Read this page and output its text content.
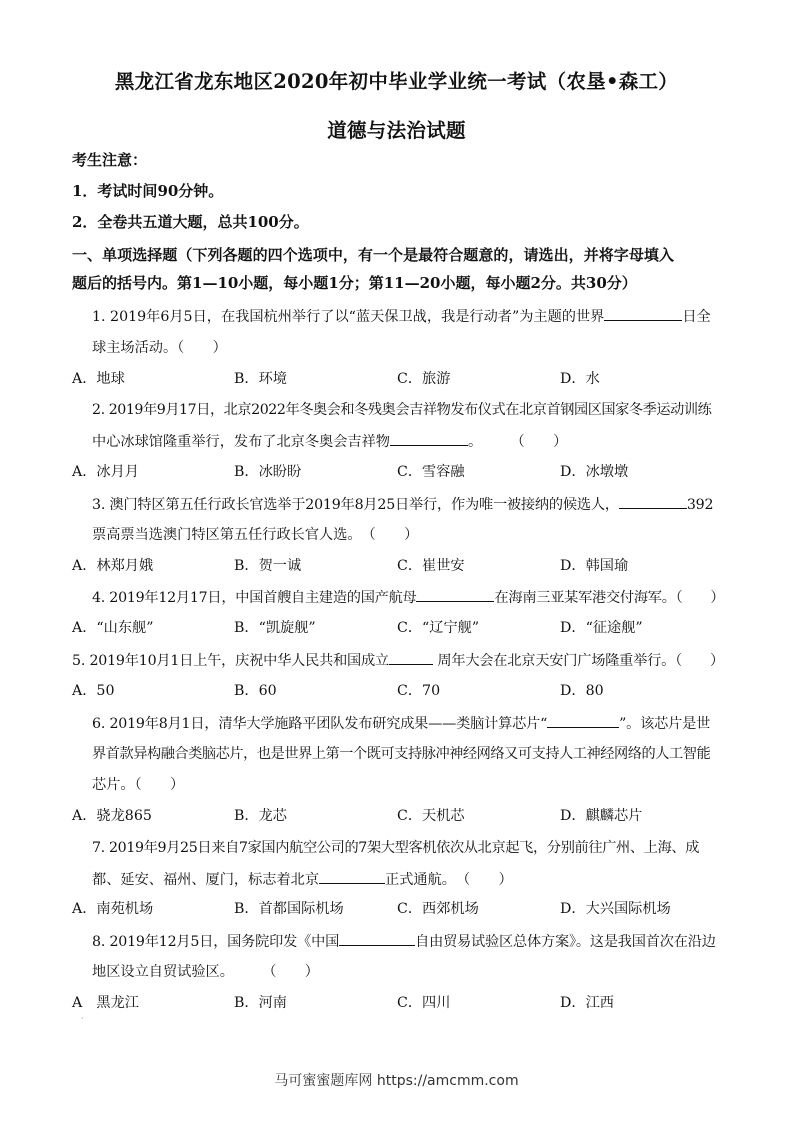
黑龙江省龙东地区2020年初中毕业学业统一考试（农垦•森工）
道德与法治试题
考生注意：
1．考试时间90分钟。
2．全卷共五道大题，总共100分。
一、单项选择题（下列各题的四个选项中，有一个是最符合题意的，请选出，并将字母填入
题后的括号内。第1—10小题，每小题1分；第11—20小题，每小题2分。共30分）
1. 2019年6月5日，在我国杭州举行了以“蓝天保卫战，我是行动者”为主题的世界	日全
球主场活动。（　　）
A．地球	B．环境	C．旅游	D．水
2. 2019年9月17日，北京2022年冬奥会和冬残奥会吉祥物发布仪式在北京首钢园区国家冬季运动训练
中心冰球馆隆重举行，发布了北京冬奥会吉祥物	。　　　（　　）
A．冰月月	B．冰盼盼	C．雪容融	D．冰墩墩
3. 澳门特区第五任行政长官选举于2019年8月25日举行，作为唯一被接纳的候选人，	392
票高票当选澳门特区第五任行政长官人选。　（　　）
A．林郑月娥	B．贺一诚	C．崔世安	D．韩国瑜
4. 2019年12月17日，中国首艘自主建造的国产航母	在海南三亚某军港交付海军。（　　）
A．“山东舰”	B．“凯旋舰”	C．“辽宁舰”	D．“征途舰”
5. 2019年10月1日上午，庆祝中华人民共和国成立	周年大会在北京天安门广场隆重举行。（　　）
A．50	B．60	C．70	D．80
6. 2019年8月1日，清华大学施路平团队发布研究成果——类脑计算芯片“	”。该芯片是世
界首款异构融合类脑芯片，也是世界上第一个既可支持脉冲神经网络又可支持人工神经网络的人工智能
芯片。（　　）
A．骁龙865	B．龙芯	C．天机芯	D．麒麟芯片
7. 2019年9月25日来自7家国内航空公司的7架大型客机依次从北京起飞，分别前往广州、上海、成
都、延安、福州、厦门，标志着北京	正式通航。　（　　）
A．南苑机场	B．首都国际机场	C．西郊机场	D．大兴国际机场
8. 2019年12月5日，国务院印发《中国	自由贸易试验区总体方案》。这是我国首次在沿边
地区设立自贸试验区。　　　（　　）
A　黑龙江	B．河南	C．四川	D．江西
·
马可蜜蜜题库网 https://amcmm.com
